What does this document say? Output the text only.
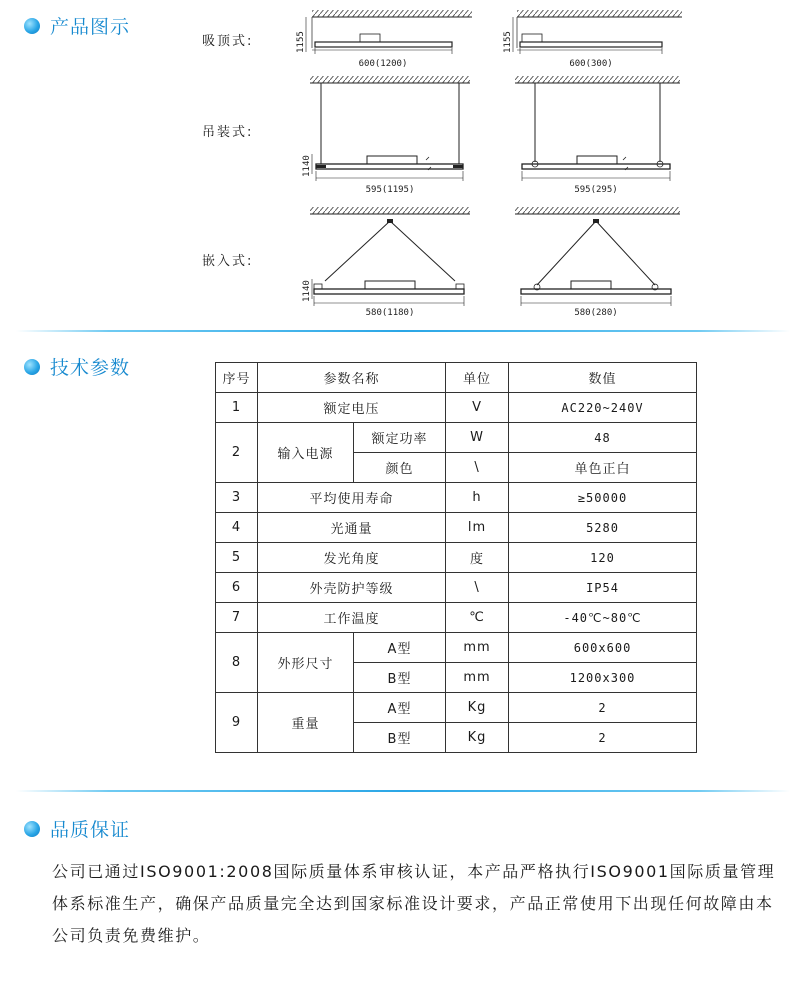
产品图示
吸顶式:
吊装式:
嵌入式:
55
11
600(1200)
55
11
600(300)
40
11
595(1195)	595(295)
40
11
580(1180)	580(280)
技术参数
序号	参数名称		单位	数值
1	额定电压		V	AC220~240V
2	输入电源	额定功率	W	48
		颜色	\	单色正白
3	平均使用寿命		h	≥50000
4	光通量		lm	5280
5	发光角度		度	120
6	外壳防护等级		\	IP54
7	工作温度		℃	-40℃~80℃
8	外形尺寸	A型	mm	600x600
		B型	mm	1200x300
9	重量	A型	Kg	2
		B型	Kg	2
品质保证

公司已通过ISO9001:2008国际质量体系审核认证，本产品严格执行ISO9001国际质量管理体系标准生产，确保产品质量完全达到国家标准设计要求，产品正常使用下出现任何故障由本公司负责免费维护。
